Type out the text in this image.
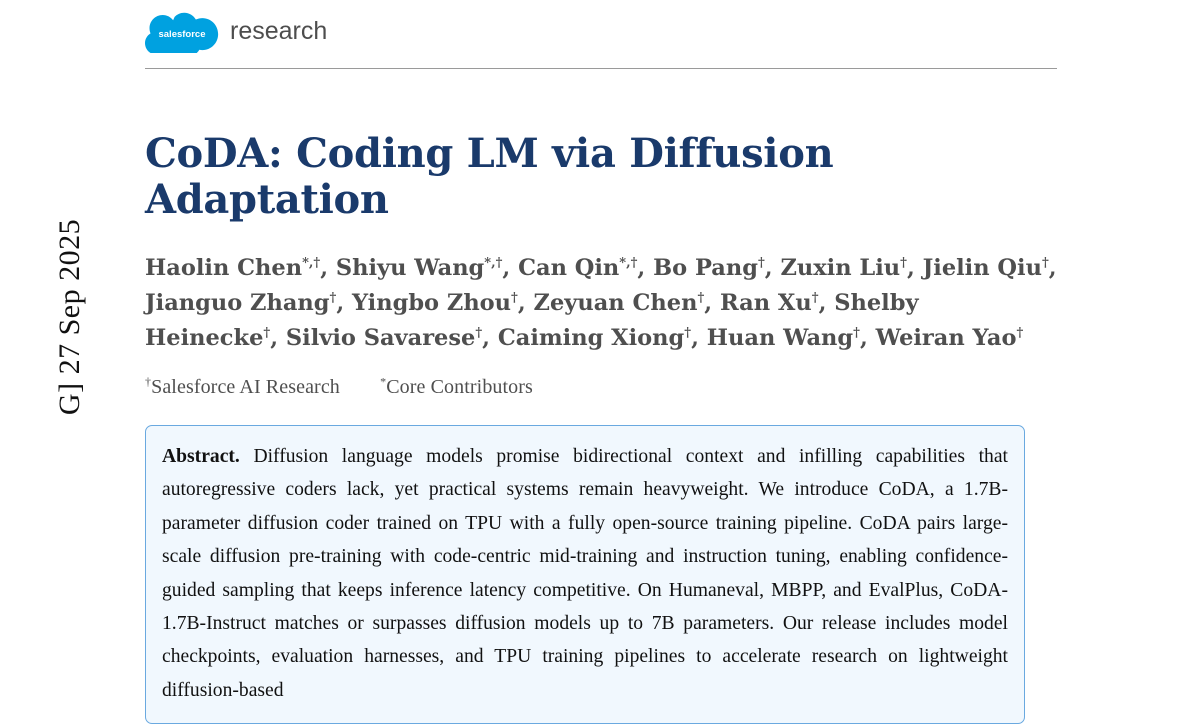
G] 27 Sep 2025
salesforce research
CoDA: Coding LM via Diffusion Adaptation
Haolin Chen*,†, Shiyu Wang*,†, Can Qin*,†, Bo Pang†, Zuxin Liu†, Jielin Qiu†, Jianguo Zhang†, Yingbo Zhou†, Zeyuan Chen†, Ran Xu†, Shelby Heinecke†, Silvio Savarese†, Caiming Xiong†, Huan Wang†, Weiran Yao†
†Salesforce AI Research	*Core Contributors
Abstract. Diffusion language models promise bidirectional context and infilling capabilities that autoregressive coders lack, yet practical systems remain heavyweight. We introduce CoDA, a 1.7B-parameter diffusion coder trained on TPU with a fully open-source training pipeline. CoDA pairs large-scale diffusion pre-training with code-centric mid-training and instruction tuning, enabling confidence-guided sampling that keeps inference latency competitive. On Humaneval, MBPP, and EvalPlus, CoDA-1.7B-Instruct matches or surpasses diffusion models up to 7B parameters. Our release includes model checkpoints, evaluation harnesses, and TPU training pipelines to accelerate research on lightweight diffusion-based
